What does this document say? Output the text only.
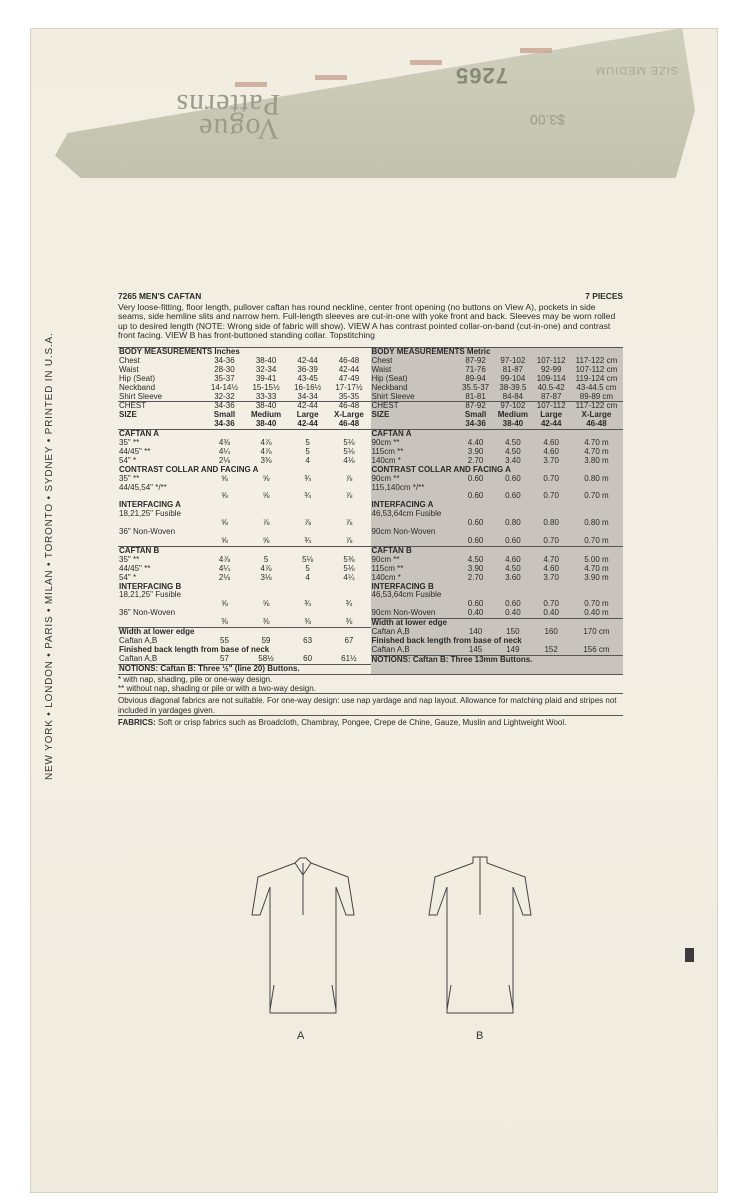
Vogue
Patterns
7265
$3.00
SIZE MEDIUM
NEW YORK • LONDON • PARIS • MILAN • TORONTO • SYDNEY • PRINTED IN U.S.A.
7265 MEN'S CAFTAN	7 PIECES
Very loose-fitting, floor length, pullover caftan has round neckline, center front opening (no buttons on View A), pockets in side seams, side hemline slits and narrow hem. Full-length sleeves are cut-in-one with yoke front and back. Sleeves may be worn rolled up to desired length (NOTE: Wrong side of fabric will show). VIEW A has contrast pointed collar-on-band (cut-in-one) and contrast front facing. VIEW B has front-buttoned standing collar. Topstitching
BODY MEASUREMENTS Inches				
Chest	34-36	38-40	42-44	46-48
Waist	28-30	32-34	36-39	42-44
Hip (Seat)	35-37	39-41	43-45	47-49
Neckband	14-14½	15-15½	16-16½	17-17½
Shirt Sleeve	32-32	33-33	34-34	35-35
CHEST	34-36	38-40	42-44	46-48
SIZE	Small	Medium	Large	X-Large
	34-36	38-40	42-44	46-48
CAFTAN A				
35" **	4⅜	4⅞	5	5⅛
44/45" **	4¼	4⅞	5	5⅛
54" *	2⅛	3⅜	4	4⅛
CONTRAST COLLAR AND FACING A				
35" **	⅝	⅝	¾	⅞
44/45,54" */**				
	⅝	⅝	¾	⅞
INTERFACING A				
18,21,25" Fusible				
	⅝	⅞	⅞	⅞
36" Non-Woven				
	⅝	⅝	¾	⅞
CAFTAN B				
35" **	4⅞	5	5⅛	5⅜
44/45" **	4¼	4⅞	5	5⅛
54" *	2⅛	3⅛	4	4¼
INTERFACING B				
18,21,25" Fusible				
	⅝	⅝	¾	¾
36" Non-Woven				
	⅜	⅜	⅜	⅜
Width at lower edge				
Caftan A,B	55	59	63	67
Finished back length from base of neck				
Caftan A,B	57	58½	60	61½
NOTIONS: Caftan B: Three ½" (line 20) Buttons.				
BODY MEASUREMENTS Metric				
Chest	87-92	97-102	107-112	117-122 cm
Waist	71-76	81-87	92-99	107-112 cm
Hip (Seat)	89-94	99-104	109-114	119-124 cm
Neckband	35.5-37	38-39.5	40.5-42	43-44.5 cm
Shirt Sleeve	81-81	84-84	87-87	89-89 cm
CHEST	87-92	97-102	107-112	117-122 cm
SIZE	Small	Medium	Large	X-Large
	34-36	38-40	42-44	46-48
CAFTAN A				
90cm **	4.40	4.50	4.60	4.70 m
115cm **	3.90	4.50	4.60	4.70 m
140cm *	2.70	3.40	3.70	3.80 m
CONTRAST COLLAR AND FACING A				
90cm **	0.60	0.60	0.70	0.80 m
115,140cm */**				
	0.60	0.60	0.70	0.70 m
INTERFACING A				
46,53,64cm Fusible				
	0.60	0.80	0.80	0.80 m
90cm Non-Woven				
	0.60	0.60	0.70	0.70 m
CAFTAN B				
90cm **	4.50	4.60	4.70	5.00 m
115cm **	3.90	4.50	4.60	4.70 m
140cm *	2.70	3.60	3.70	3.90 m
INTERFACING B				
46,53,64cm Fusible				
	0.60	0.60	0.70	0.70 m
90cm Non-Woven	0.40	0.40	0.40	0.40 m
Width at lower edge				
Caftan A,B	140	150	160	170 cm
Finished back length from base of neck				
Caftan A,B	145	149	152	156 cm
NOTIONS: Caftan B: Three 13mm Buttons.				

* with nap, shading, pile or one-way design.

** without nap, shading or pile or with a two-way design.

Obvious diagonal fabrics are not suitable. For one-way design: use nap yardage and nap layout. Allowance for matching plaid and stripes not included in yardages given.

FABRICS: Soft or crisp fabrics such as Broadcloth, Chambray, Pongee, Crepe de Chine, Gauze, Muslin and Lightweight Wool.

A	B
